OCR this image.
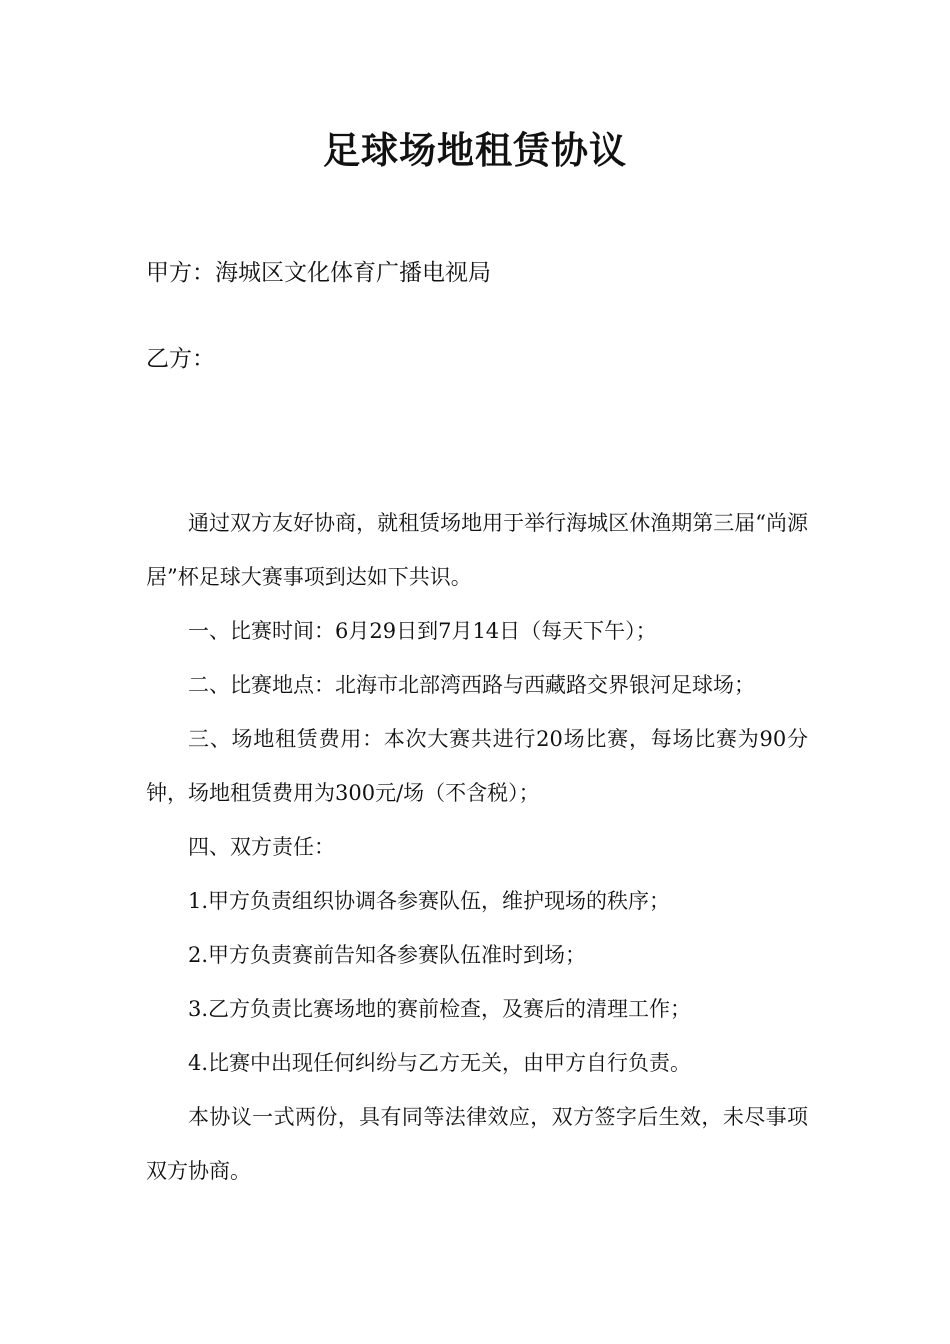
足球场地租赁协议
甲方：海城区文化体育广播电视局
乙方：

通过双方友好协商，就租赁场地用于举行海城区休渔期第三届“尚源居”杯足球大赛事项到达如下共识。

一、比赛时间：6月29日到7月14日（每天下午）；

二、比赛地点：北海市北部湾西路与西藏路交界银河足球场；

三、场地租赁费用：本次大赛共进行20场比赛，每场比赛为90分钟，场地租赁费用为300元/场（不含税）；

四、双方责任：

1.甲方负责组织协调各参赛队伍，维护现场的秩序；

2.甲方负责赛前告知各参赛队伍准时到场；

3.乙方负责比赛场地的赛前检查，及赛后的清理工作；

4.比赛中出现任何纠纷与乙方无关，由甲方自行负责。

本协议一式两份，具有同等法律效应，双方签字后生效，未尽事项双方协商。
